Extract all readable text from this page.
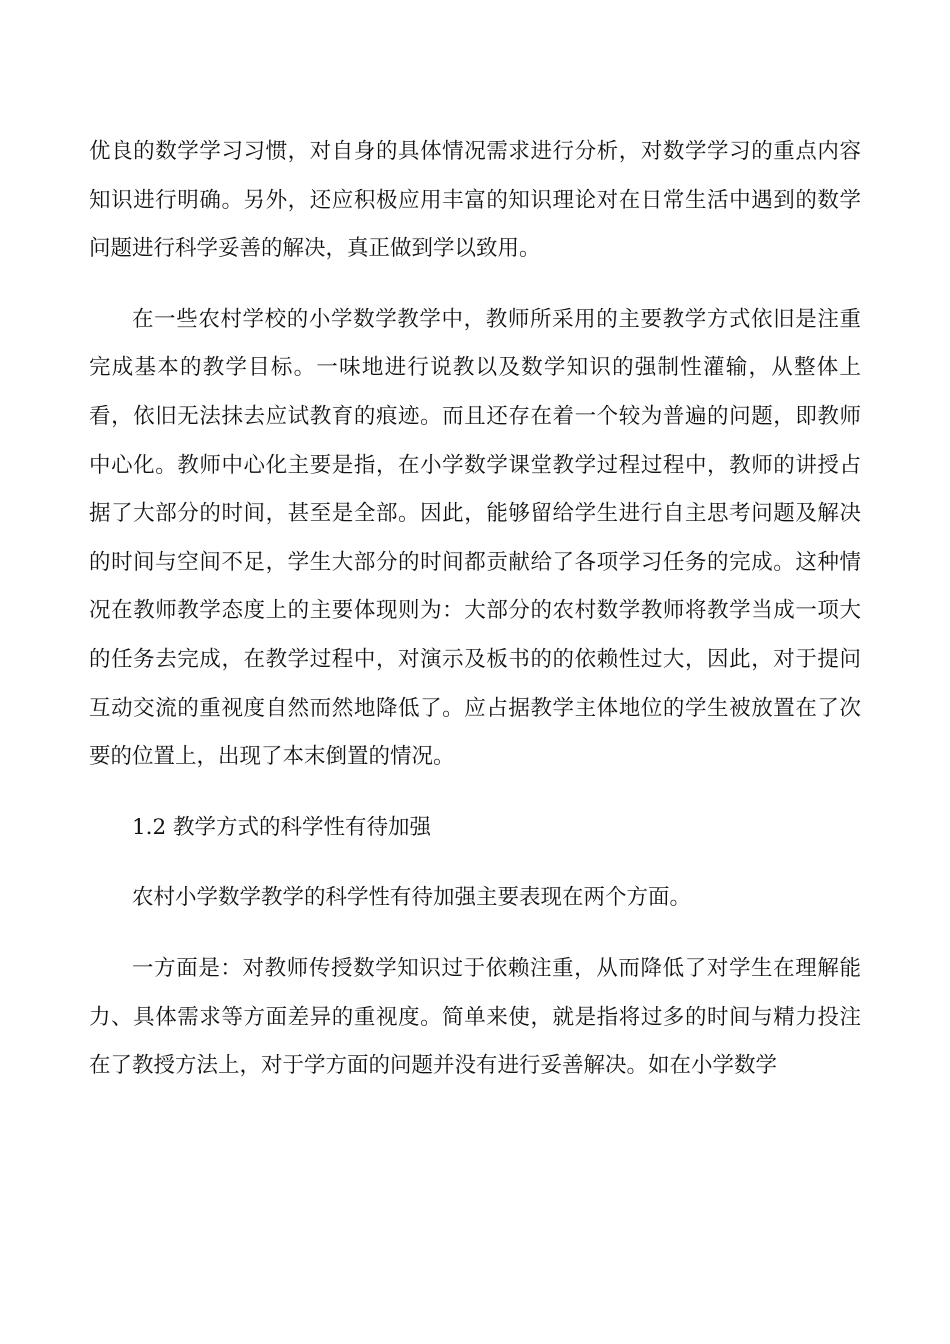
优良的数学学习习惯，对自身的具体情况需求进行分析，对数学学习的重点内容知识进行明确。另外，还应积极应用丰富的知识理论对在日常生活中遇到的数学问题进行科学妥善的解决，真正做到学以致用。

在一些农村学校的小学数学教学中，教师所采用的主要教学方式依旧是注重完成基本的教学目标。一味地进行说教以及数学知识的强制性灌输，从整体上看，依旧无法抹去应试教育的痕迹。而且还存在着一个较为普遍的问题，即教师中心化。教师中心化主要是指，在小学数学课堂教学过程过程中，教师的讲授占据了大部分的时间，甚至是全部。因此，能够留给学生进行自主思考问题及解决的时间与空间不足，学生大部分的时间都贡献给了各项学习任务的完成。这种情况在教师教学态度上的主要体现则为：大部分的农村数学教师将教学当成一项大的任务去完成，在教学过程中，对演示及板书的的依赖性过大，因此，对于提问互动交流的重视度自然而然地降低了。应占据教学主体地位的学生被放置在了次要的位置上，出现了本末倒置的情况。

1.2 教学方式的科学性有待加强

农村小学数学教学的科学性有待加强主要表现在两个方面。

一方面是：对教师传授数学知识过于依赖注重，从而降低了对学生在理解能力、具体需求等方面差异的重视度。简单来使，就是指将过多的时间与精力投注在了教授方法上，对于学方面的问题并没有进行妥善解决。如在小学数学
